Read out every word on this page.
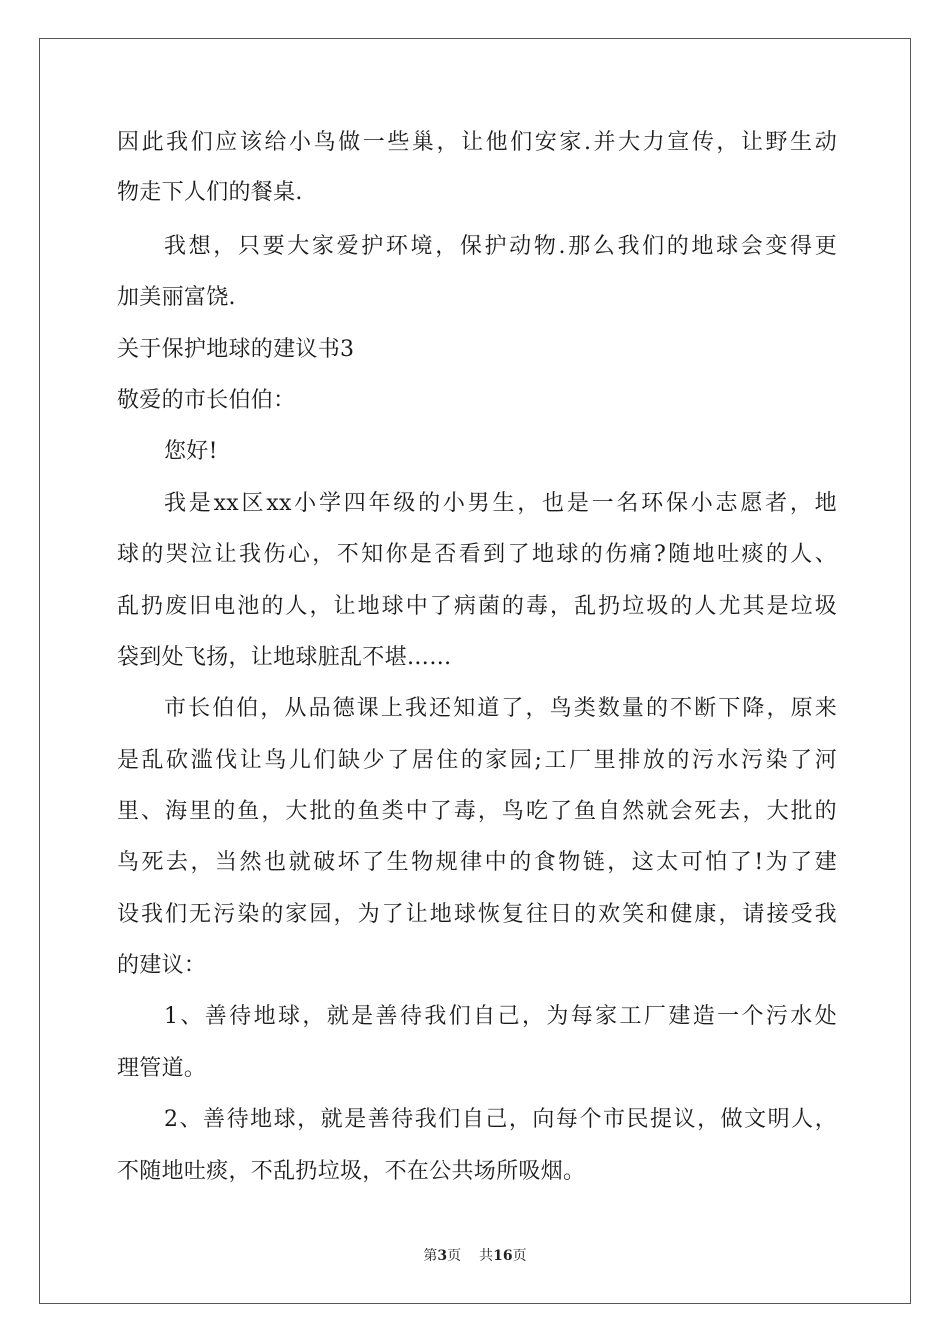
因此我们应该给小鸟做一些巢，让他们安家.并大力宣传，让野生动
物走下人们的餐桌.
我想，只要大家爱护环境，保护动物.那么我们的地球会变得更
加美丽富饶.
关于保护地球的建议书3
敬爱的市长伯伯：
您好!
我是xx区xx小学四年级的小男生，也是一名环保小志愿者，地
球的哭泣让我伤心，不知你是否看到了地球的伤痛?随地吐痰的人、
乱扔废旧电池的人，让地球中了病菌的毒，乱扔垃圾的人尤其是垃圾
袋到处飞扬，让地球脏乱不堪……
市长伯伯，从品德课上我还知道了，鸟类数量的不断下降，原来
是乱砍滥伐让鸟儿们缺少了居住的家园;工厂里排放的污水污染了河
里、海里的鱼，大批的鱼类中了毒，鸟吃了鱼自然就会死去，大批的
鸟死去，当然也就破坏了生物规律中的食物链，这太可怕了!为了建
设我们无污染的家园，为了让地球恢复往日的欢笑和健康，请接受我
的建议：
1、善待地球，就是善待我们自己，为每家工厂建造一个污水处
理管道。
2、善待地球，就是善待我们自己，向每个市民提议，做文明人，
不随地吐痰，不乱扔垃圾，不在公共场所吸烟。
第3页 共16页
